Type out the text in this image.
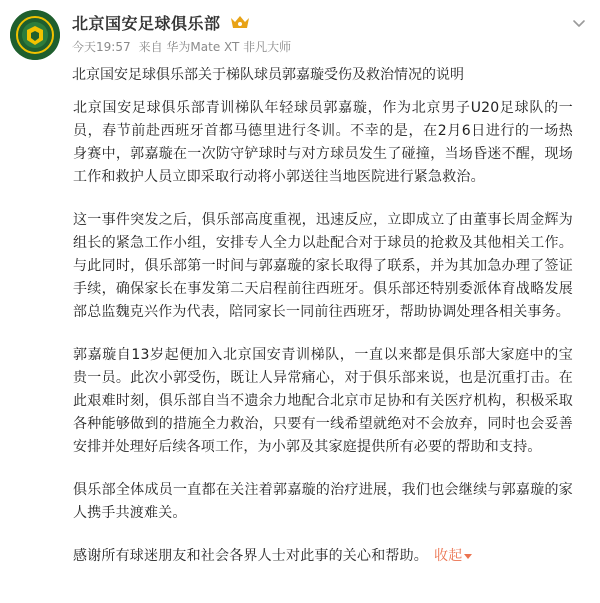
北京国安足球俱乐部
今天19:57 来自 华为Mate XT 非凡大师
北京国安足球俱乐部关于梯队球员郭嘉璇受伤及救治情况的说明

北京国安足球俱乐部青训梯队年轻球员郭嘉璇，作为北京男子U20足球队的一员，春节前赴西班牙首都马德里进行冬训。不幸的是，在2月6日进行的一场热身赛中，郭嘉璇在一次防守铲球时与对方球员发生了碰撞，当场昏迷不醒，现场工作和救护人员立即采取行动将小郭送往当地医院进行紧急救治。

这一事件突发之后，俱乐部高度重视，迅速反应，立即成立了由董事长周金辉为组长的紧急工作小组，安排专人全力以赴配合对于球员的抢救及其他相关工作。与此同时，俱乐部第一时间与郭嘉璇的家长取得了联系，并为其加急办理了签证手续，确保家长在事发第二天启程前往西班牙。俱乐部还特别委派体育战略发展部总监魏克兴作为代表，陪同家长一同前往西班牙，帮助协调处理各相关事务。

郭嘉璇自13岁起便加入北京国安青训梯队，一直以来都是俱乐部大家庭中的宝贵一员。此次小郭受伤，既让人异常痛心，对于俱乐部来说，也是沉重打击。在此艰难时刻，俱乐部自当不遗余力地配合北京市足协和有关医疗机构，积极采取各种能够做到的措施全力救治，只要有一线希望就绝对不会放弃，同时也会妥善安排并处理好后续各项工作，为小郭及其家庭提供所有必要的帮助和支持。

俱乐部全体成员一直都在关注着郭嘉璇的治疗进展，我们也会继续与郭嘉璇的家人携手共渡难关。

感谢所有球迷朋友和社会各界人士对此事的关心和帮助。 收起
